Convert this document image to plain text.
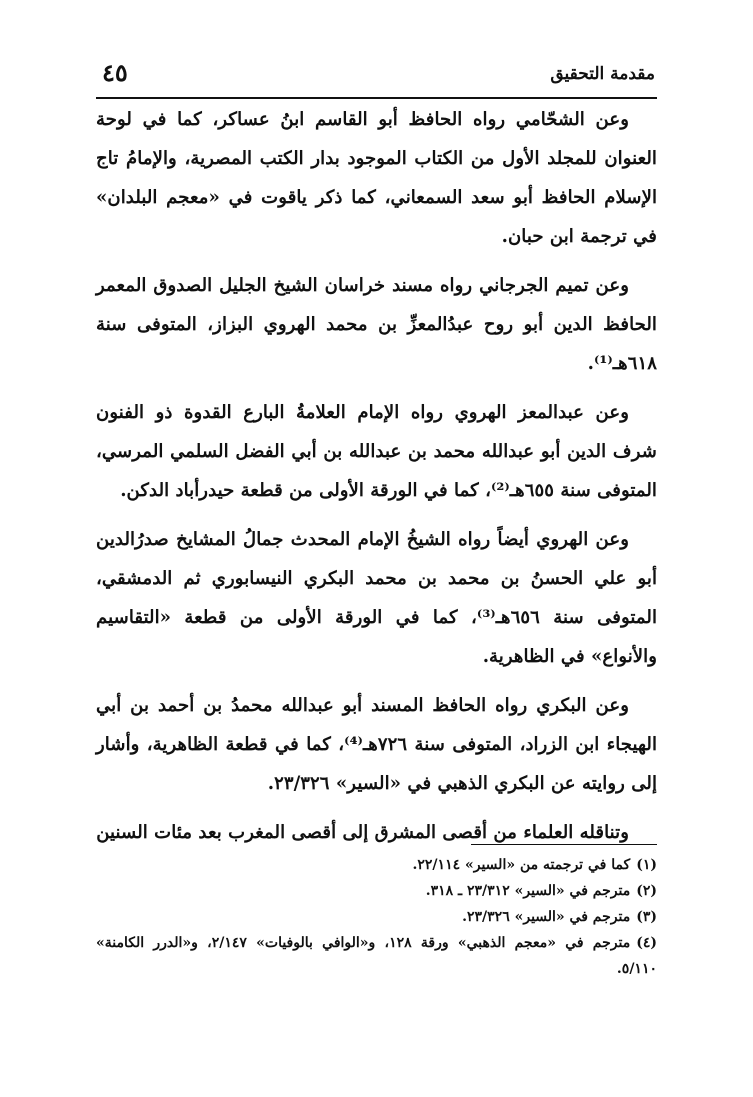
مقدمة التحقيق
٤٥

وعن الشحّامي رواه الحافظ أبو القاسم ابنُ عساكر، كما في لوحة العنوان للمجلد الأول من الكتاب الموجود بدار الكتب المصرية، والإمامُ تاج الإسلام الحافظ أبو سعد السمعاني، كما ذكر ياقوت في «معجم البلدان» في ترجمة ابن حبان.

وعن تميم الجرجاني رواه مسند خراسان الشيخ الجليل الصدوق المعمر الحافظ الدين أبو روح عبدُالمعزِّ بن محمد الهروي البزاز، المتوفى سنة ٦١٨هـ⁽¹⁾.

وعن عبدالمعز الهروي رواه الإمام العلامةُ البارع القدوة ذو الفنون شرف الدين أبو عبدالله محمد بن عبدالله بن أبي الفضل السلمي المرسي، المتوفى سنة ٦٥٥هـ⁽²⁾، كما في الورقة الأولى من قطعة حيدرأباد الدكن.

وعن الهروي أيضاً رواه الشيخُ الإمام المحدث جمالُ المشايخ صدرُالدين أبو علي الحسنُ بن محمد بن محمد البكري النيسابوري ثم الدمشقي، المتوفى سنة ٦٥٦هـ⁽³⁾، كما في الورقة الأولى من قطعة «التقاسيم والأنواع» في الظاهرية.

وعن البكري رواه الحافظ المسند أبو عبدالله محمدُ بن أحمد بن أبي الهيجاء ابن الزراد، المتوفى سنة ٧٢٦هـ⁽⁴⁾، كما في قطعة الظاهرية، وأشار إلى روايته عن البكري الذهبي في «السير» ٢٣/٣٢٦.

وتناقله العلماء من أقصى المشرق إلى أقصى المغرب بعد مئات السنين

(١)كما في ترجمته من «السير» ٢٢/١١٤.

(٢)مترجم في «السير» ٢٣/٣١٢ ـ ٣١٨.

(٣)مترجم في «السير» ٢٣/٣٢٦.

(٤)مترجم في «معجم الذهبي» ورقة ١٢٨، و«الوافي بالوفيات» ٢/١٤٧، و«الدرر الكامنة» ٥/١١٠.
